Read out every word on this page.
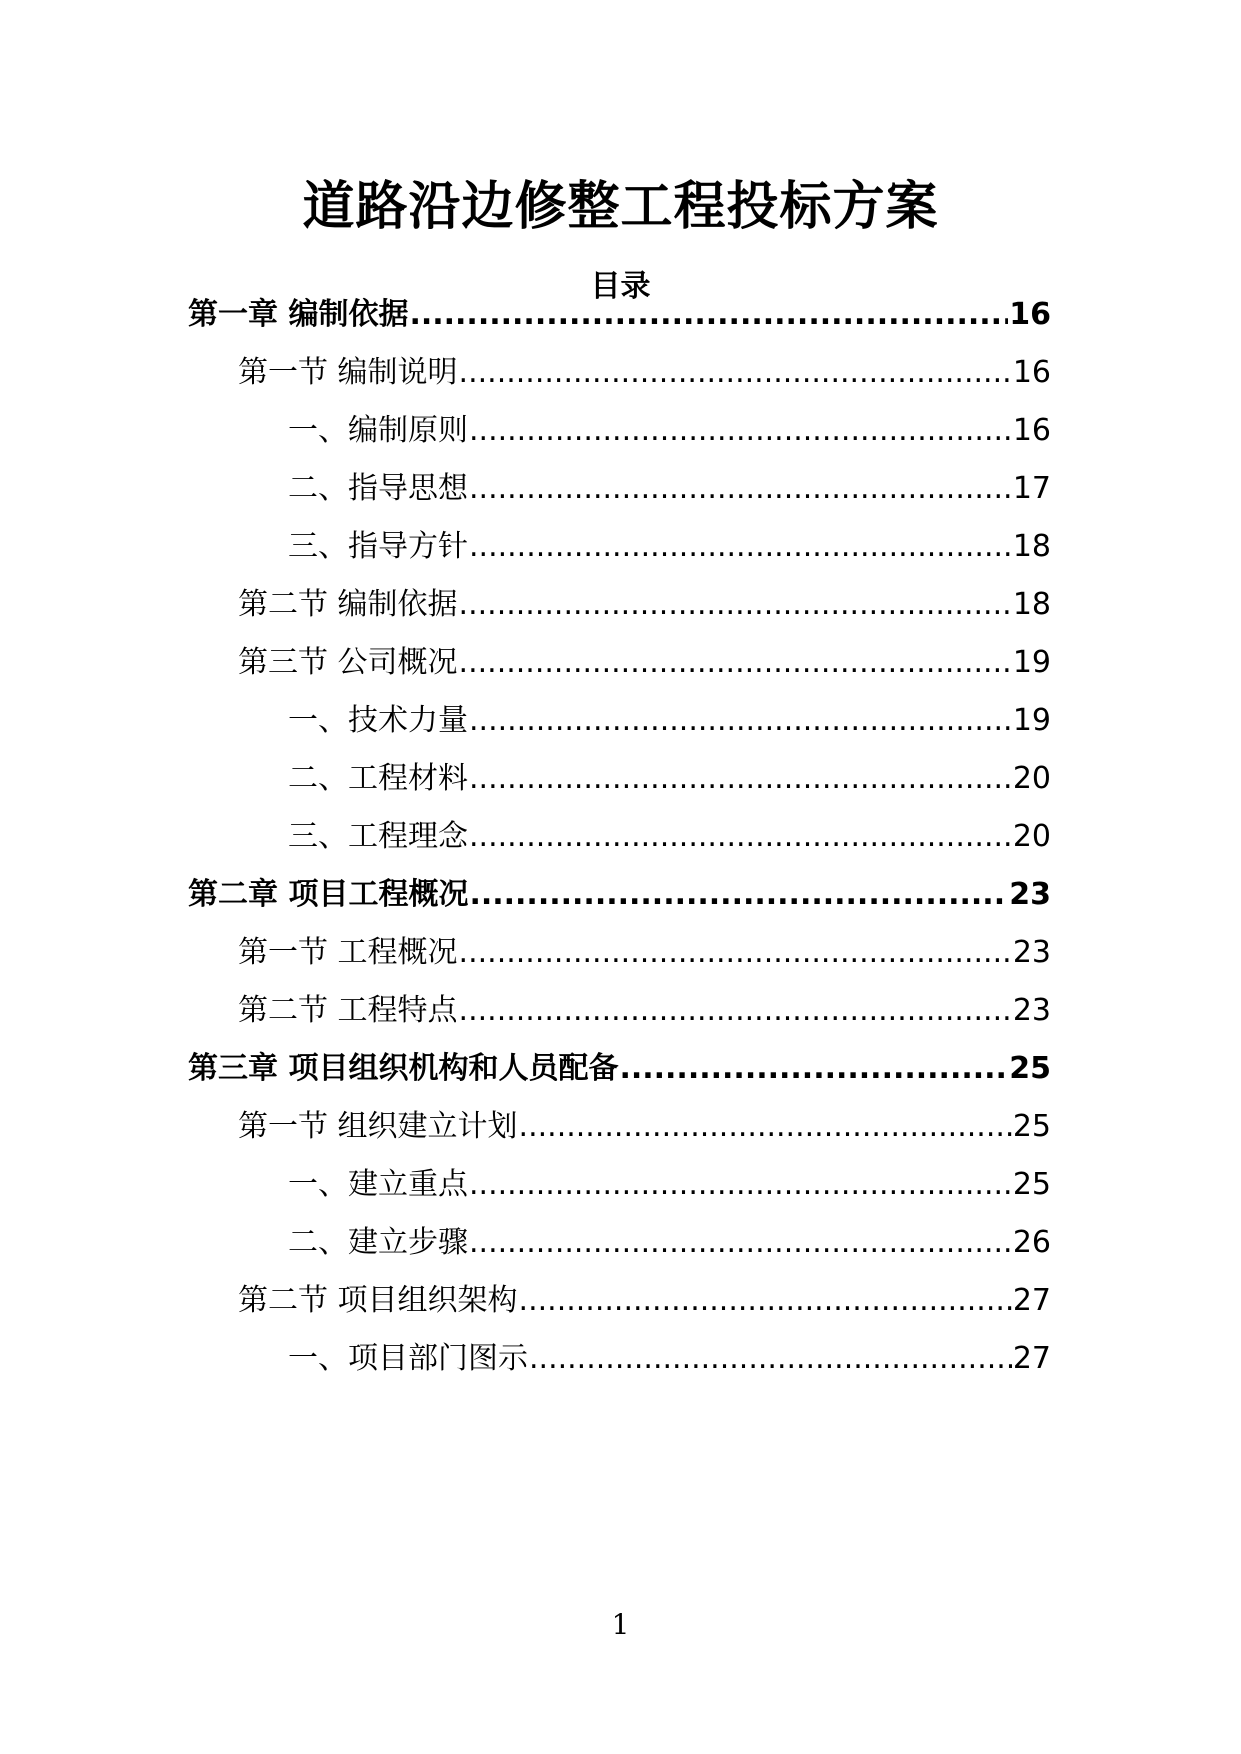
道路沿边修整工程投标方案
目录
第一章 编制依据 .....	16
第一节 编制说明 .....	16
一、编制原则 .....	16
二、指导思想 .....	17
三、指导方针 .....	18
第二节 编制依据 .....	18
第三节 公司概况 .....	19
一、技术力量 .....	19
二、工程材料 .....	20
三、工程理念 .....	20
第二章 项目工程概况 .....	23
第一节 工程概况 .....	23
第二节 工程特点 .....	23
第三章 项目组织机构和人员配备 .....	25
第一节 组织建立计划 .....	25
一、建立重点 .....	25
二、建立步骤 .....	26
第二节 项目组织架构 .....	27
一、项目部门图示 .....	27
1
